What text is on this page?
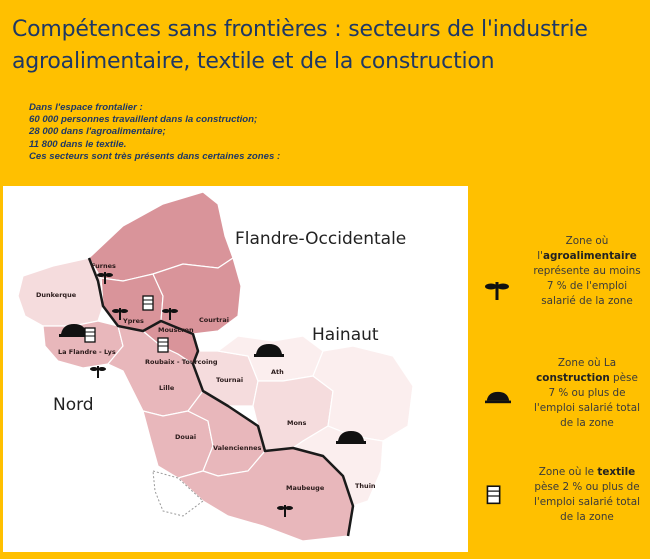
Compétences sans frontières : secteurs de l'industrie
agroalimentaire, textile et de la construction
Dans l'espace frontalier :
60 000 personnes travaillent dans la construction;
28 000 dans l'agroalimentaire;
11 800 dans le textile.
Ces secteurs sont très présents dans certaines zones :
Flandre-Occidentale
Hainaut
Nord
Furnes
Dunkerque
Ypres
Mouscron
Courtrai
La Flandre - Lys
Roubaix - Tourcoing
Lille
Tournai
Ath
Douai
Valenciennes
Mons
Maubeuge	Thuin
Zone où l'agroalimentaire représente au moins 7 % de l'emploi salarié de la zone
Zone où La construction pèse 7 % ou plus de l'emploi salarié total de la zone
Zone où le textile pèse 2 % ou plus de l'emploi salarié total de la zone
